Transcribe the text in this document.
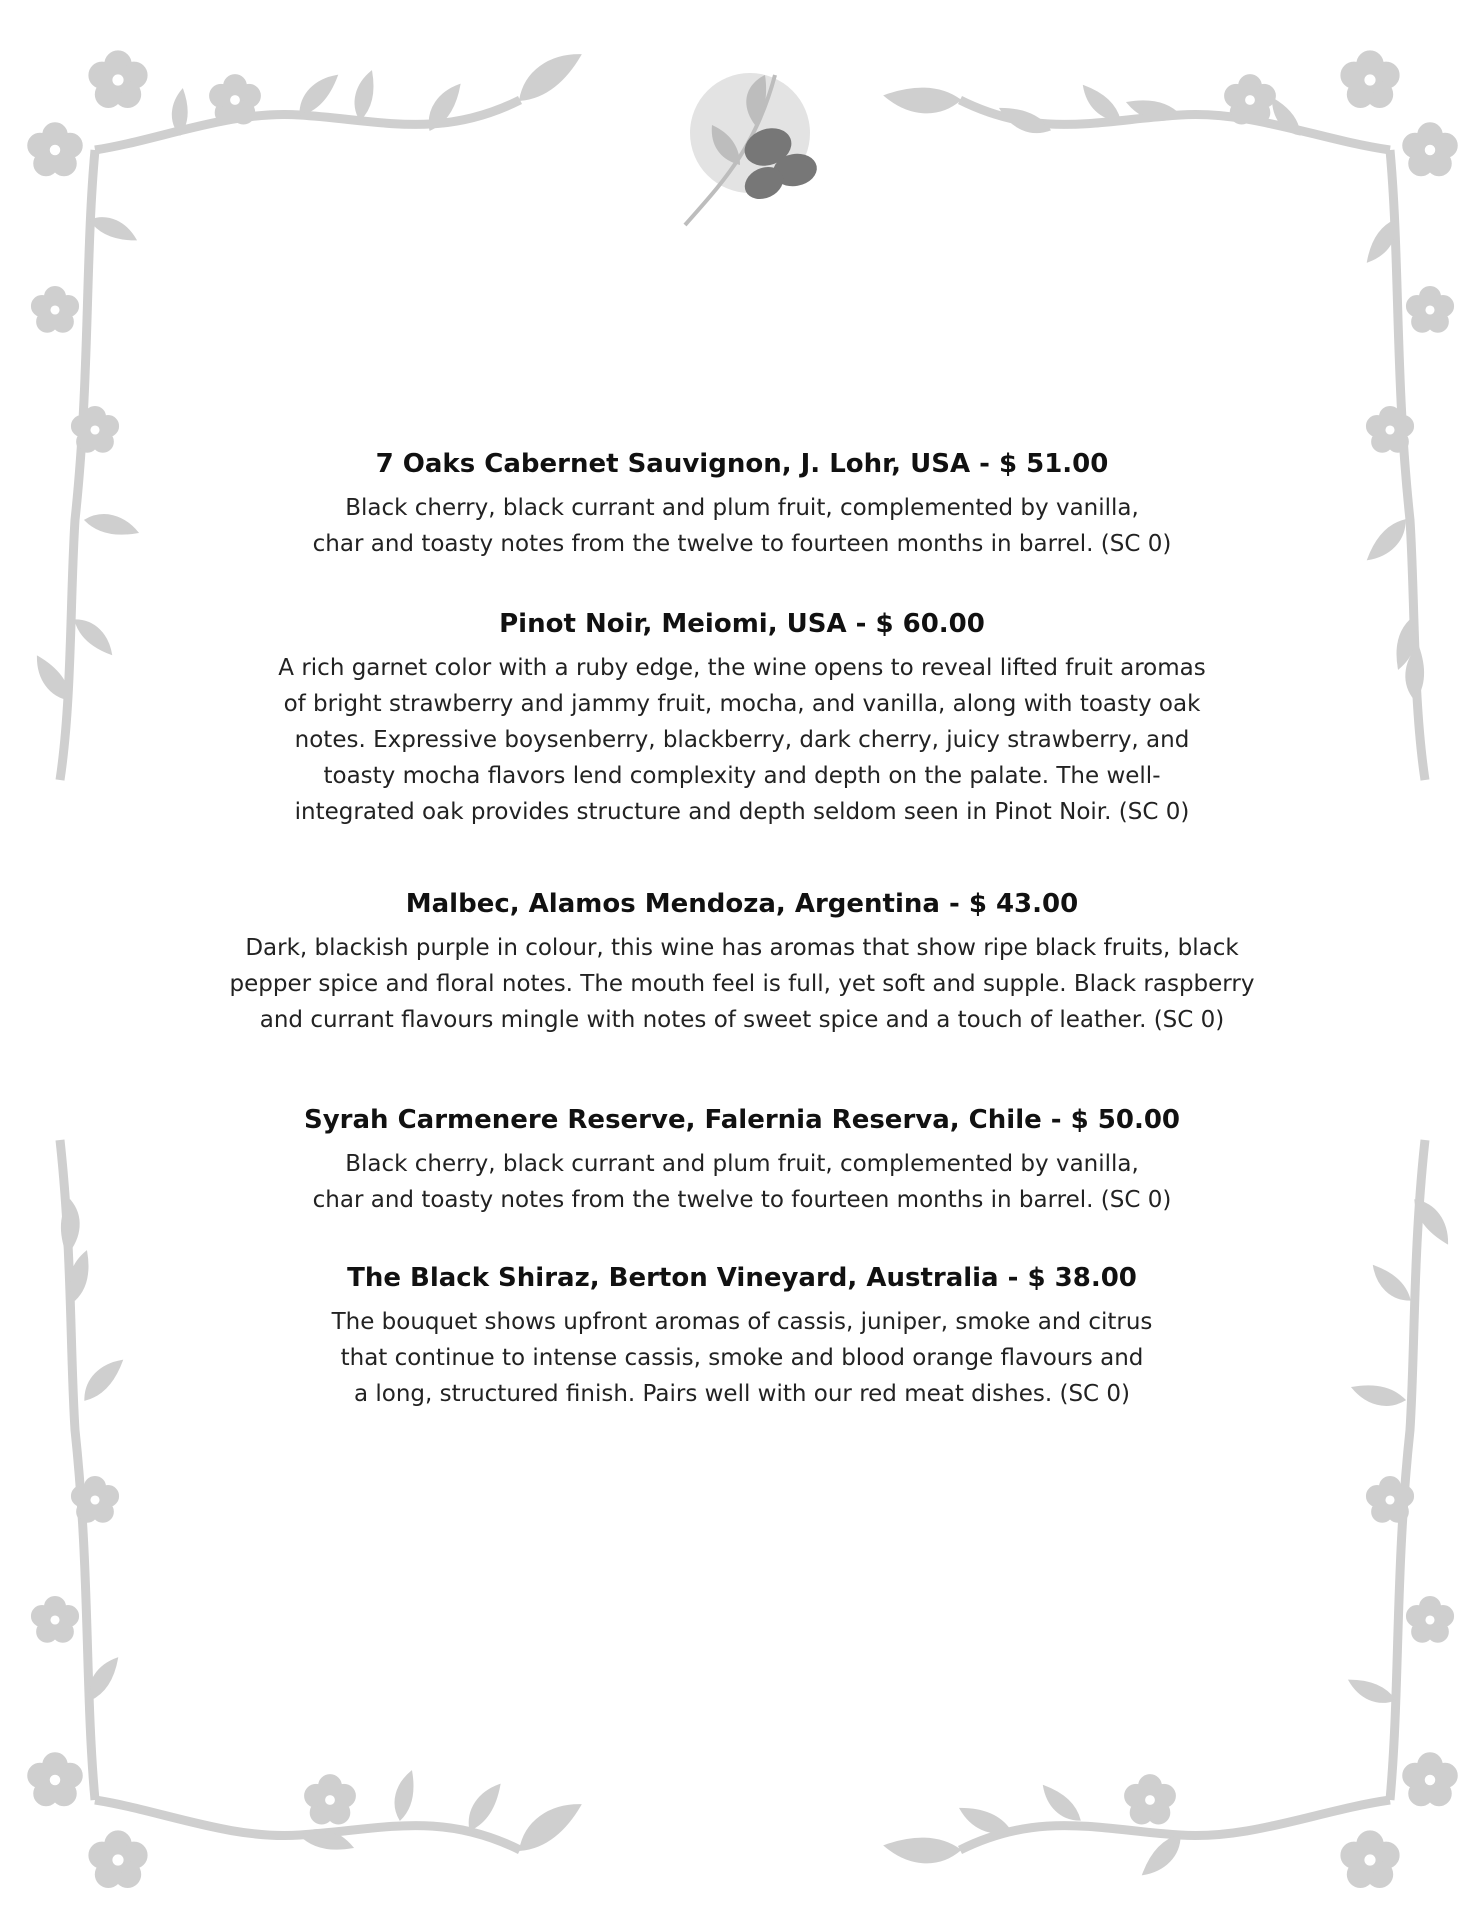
7 Oaks Cabernet Sauvignon, J. Lohr, USA - $ 51.00

Black cherry, black currant and plum fruit, complemented by vanilla,

char and toasty notes from the twelve to fourteen months in barrel. (SC 0)

Pinot Noir, Meiomi, USA - $ 60.00

A rich garnet color with a ruby edge, the wine opens to reveal lifted fruit aromas

of bright strawberry and jammy fruit, mocha, and vanilla, along with toasty oak

notes. Expressive boysenberry, blackberry, dark cherry, juicy strawberry, and

toasty mocha flavors lend complexity and depth on the palate. The well-

integrated oak provides structure and depth seldom seen in Pinot Noir. (SC 0)

Malbec, Alamos Mendoza, Argentina - $ 43.00

Dark, blackish purple in colour, this wine has aromas that show ripe black fruits, black

pepper spice and floral notes. The mouth feel is full, yet soft and supple. Black raspberry

and currant flavours mingle with notes of sweet spice and a touch of leather. (SC 0)

Syrah Carmenere Reserve, Falernia Reserva, Chile - $ 50.00

Black cherry, black currant and plum fruit, complemented by vanilla,

char and toasty notes from the twelve to fourteen months in barrel. (SC 0)

The Black Shiraz, Berton Vineyard, Australia - $ 38.00

The bouquet shows upfront aromas of cassis, juniper, smoke and citrus

that continue to intense cassis, smoke and blood orange flavours and

a long, structured finish. Pairs well with our red meat dishes. (SC 0)
